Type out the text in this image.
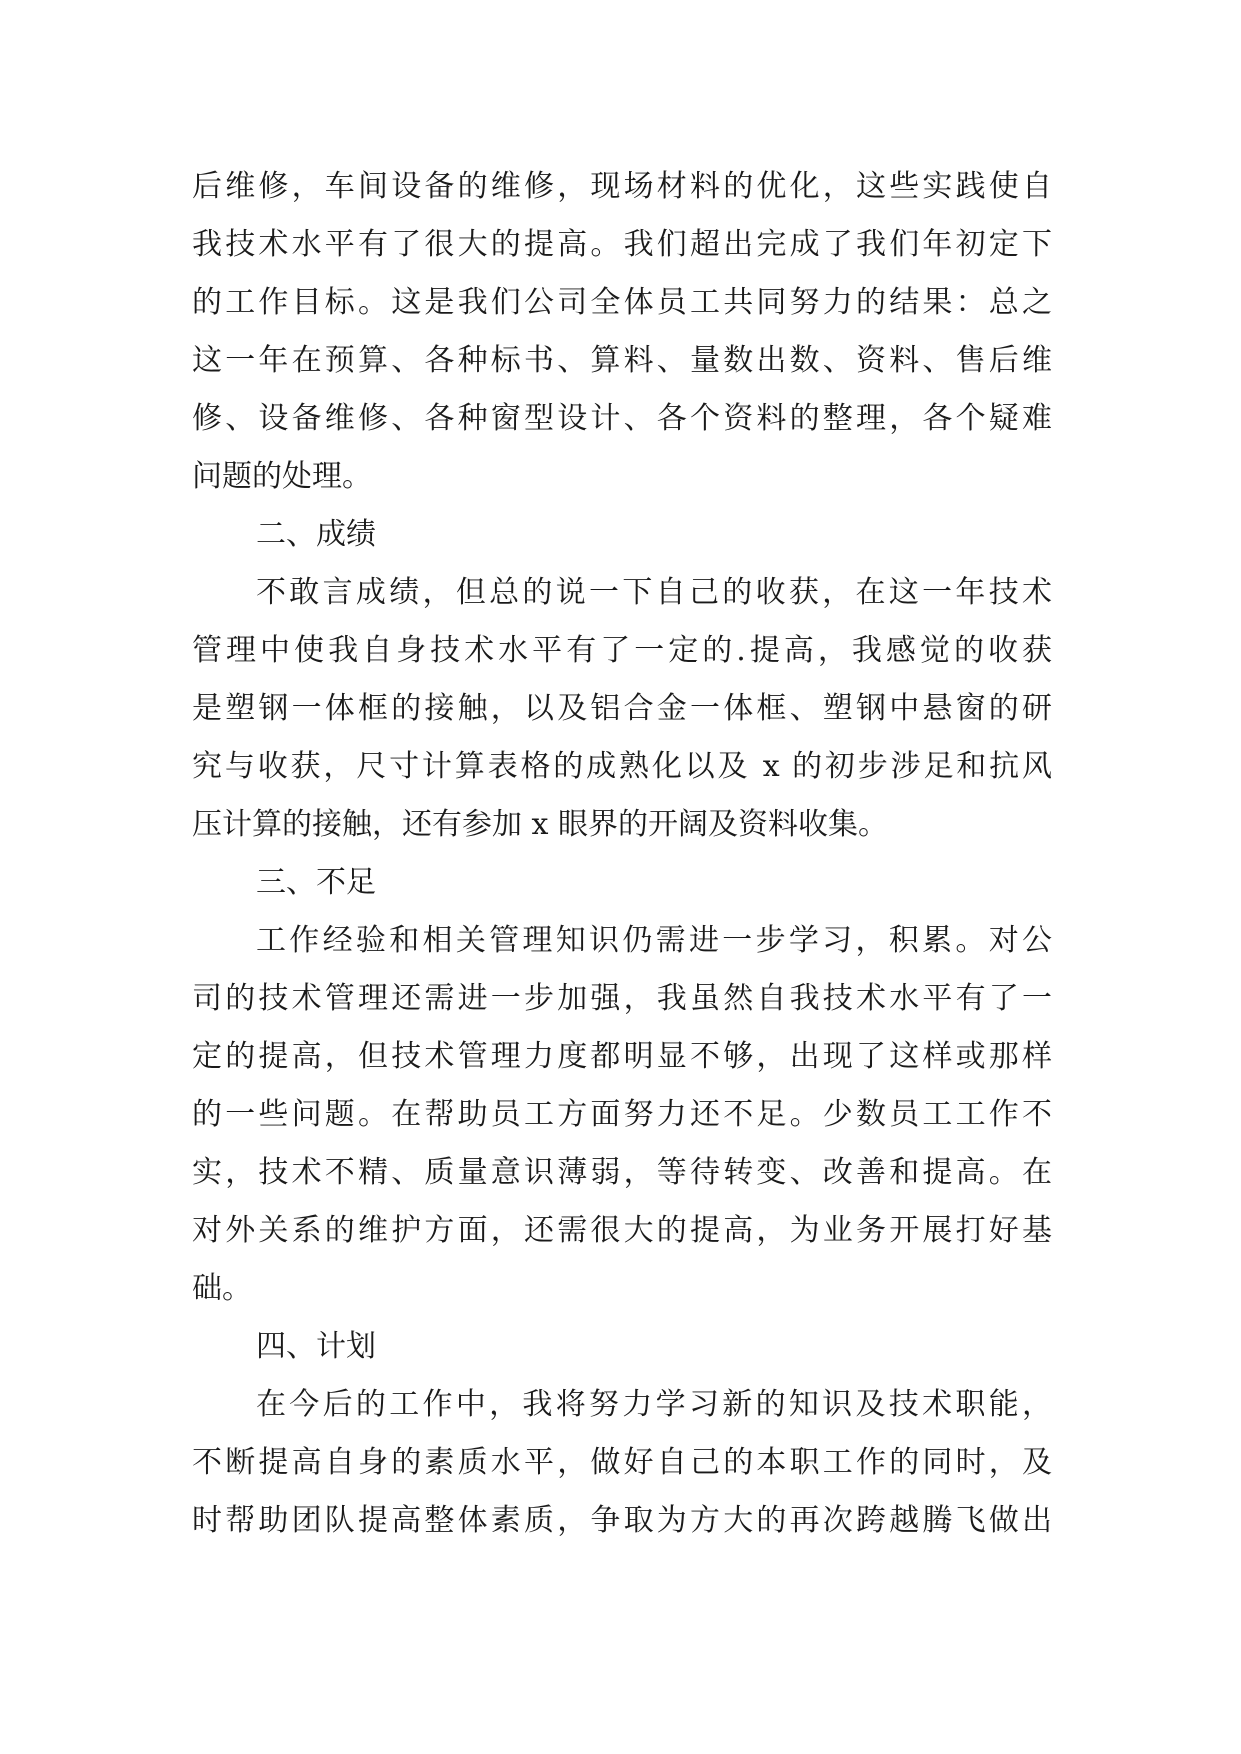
后维修，车间设备的维修，现场材料的优化，这些实践使自
我技术水平有了很大的提高。我们超出完成了我们年初定下
的工作目标。这是我们公司全体员工共同努力的结果：总之
这一年在预算、各种标书、算料、量数出数、资料、售后维
修、设备维修、各种窗型设计、各个资料的整理，各个疑难
问题的处理。
二、成绩
不敢言成绩，但总的说一下自己的收获，在这一年技术
管理中使我自身技术水平有了一定的.提高，我感觉的收获
是塑钢一体框的接触，以及铝合金一体框、塑钢中悬窗的研
究与收获，尺寸计算表格的成熟化以及 x 的初步涉足和抗风
压计算的接触，还有参加 x 眼界的开阔及资料收集。
三、不足
工作经验和相关管理知识仍需进一步学习，积累。对公
司的技术管理还需进一步加强，我虽然自我技术水平有了一
定的提高，但技术管理力度都明显不够，出现了这样或那样
的一些问题。在帮助员工方面努力还不足。少数员工工作不
实，技术不精、质量意识薄弱，等待转变、改善和提高。在
对外关系的维护方面，还需很大的提高，为业务开展打好基
础。
四、计划
在今后的工作中，我将努力学习新的知识及技术职能，
不断提高自身的素质水平，做好自己的本职工作的同时，及
时帮助团队提高整体素质，争取为方大的再次跨越腾飞做出
